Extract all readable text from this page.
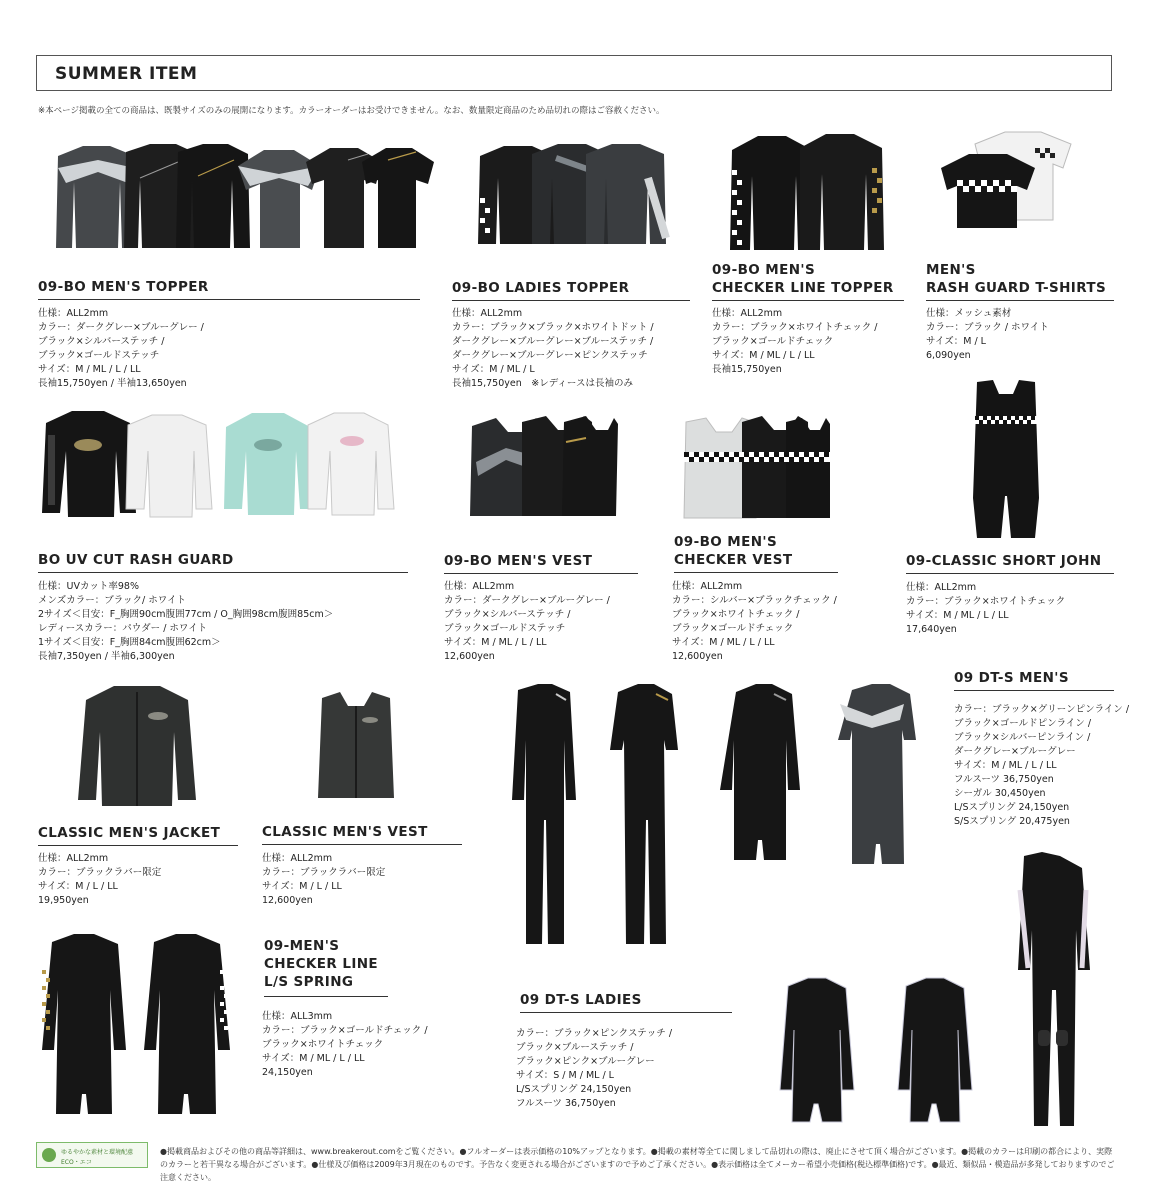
SUMMER ITEM
※本ページ掲載の全ての商品は、既製サイズのみの展開になります。カラーオーダーはお受けできません。なお、数量限定商品のため品切れの際はご容赦ください。
09-BO MEN'S TOPPER
仕様：ALL2mm
カラー：ダークグレー×ブルーグレー /
ブラック×シルバーステッチ /
ブラック×ゴールドステッチ
サイズ：M / ML / L / LL
長袖15,750yen / 半袖13,650yen
09-BO LADIES TOPPER
仕様：ALL2mm
カラー：ブラック×ブラック×ホワイトドット /
ダークグレー×ブルーグレー×ブルーステッチ /
ダークグレー×ブルーグレー×ピンクステッチ
サイズ：M / ML / L
長袖15,750yen　※レディースは長袖のみ
09-BO MEN'S
CHECKER LINE TOPPER
仕様：ALL2mm
カラー：ブラック×ホワイトチェック /
ブラック×ゴールドチェック
サイズ：M / ML / L / LL
長袖15,750yen
MEN'S
RASH GUARD T-SHIRTS
仕様：メッシュ素材
カラー：ブラック / ホワイト
サイズ：M / L
6,090yen
BO UV CUT RASH GUARD
仕様：UVカット率98%
メンズカラー：ブラック/ ホワイト
2サイズ＜目安：F_胸囲90cm腹囲77cm / O_胸囲98cm腹囲85cm＞
レディースカラー：パウダー / ホワイト
1サイズ＜目安：F_胸囲84cm腹囲62cm＞
長袖7,350yen / 半袖6,300yen
09-BO MEN'S VEST
仕様：ALL2mm
カラー：ダークグレー×ブルーグレー /
ブラック×シルバーステッチ /
ブラック×ゴールドステッチ
サイズ：M / ML / L / LL
12,600yen
09-BO MEN'S
CHECKER VEST
仕様：ALL2mm
カラー：シルバー×ブラックチェック /
ブラック×ホワイトチェック /
ブラック×ゴールドチェック
サイズ：M / ML / L / LL
12,600yen
09-CLASSIC SHORT JOHN
仕様：ALL2mm
カラー：ブラック×ホワイトチェック
サイズ：M / ML / L / LL
17,640yen
09 DT-S MEN'S
カラー：ブラック×グリーンピンライン /
ブラック×ゴールドピンライン /
ブラック×シルバーピンライン /
ダークグレー×ブルーグレー
サイズ：M / ML / L / LL
フルスーツ 36,750yen
シーガル 30,450yen
L/Sスプリング 24,150yen
S/Sスプリング 20,475yen
CLASSIC MEN'S JACKET
仕様：ALL2mm
カラー：ブラックラバー限定
サイズ：M / L / LL
19,950yen
CLASSIC MEN'S VEST
仕様：ALL2mm
カラー：ブラックラバー限定
サイズ：M / L / LL
12,600yen
09-MEN'S
CHECKER LINE
L/S SPRING
仕様：ALL3mm
カラー：ブラック×ゴールドチェック /
ブラック×ホワイトチェック
サイズ：M / ML / L / LL
24,150yen
09 DT-S LADIES
カラー：ブラック×ピンクステッチ /
ブラック×ブルーステッチ /
ブラック×ピンク×ブルーグレー
サイズ：S / M / ML / L
L/Sスプリング 24,150yen
フルスーツ 36,750yen
ゆるやかな素材と環境配慮
ECO・エコ
●掲載商品およびその他の商品等詳細は、www.breakerout.comをご覧ください。●フルオーダーは表示価格の10%アップとなります。●掲載の素材等全てに関しまして品切れの際は、廃止にさせて頂く場合がございます。●掲載のカラーは印刷の都合により、実際のカラーと若干異なる場合がございます。●仕様及び価格は2009年3月現在のものです。予告なく変更される場合がございますので予めご了承ください。●表示価格は全てメーカー希望小売価格(税込標準価格)です。●最近、類似品・模造品が多発しておりますのでご注意ください。
